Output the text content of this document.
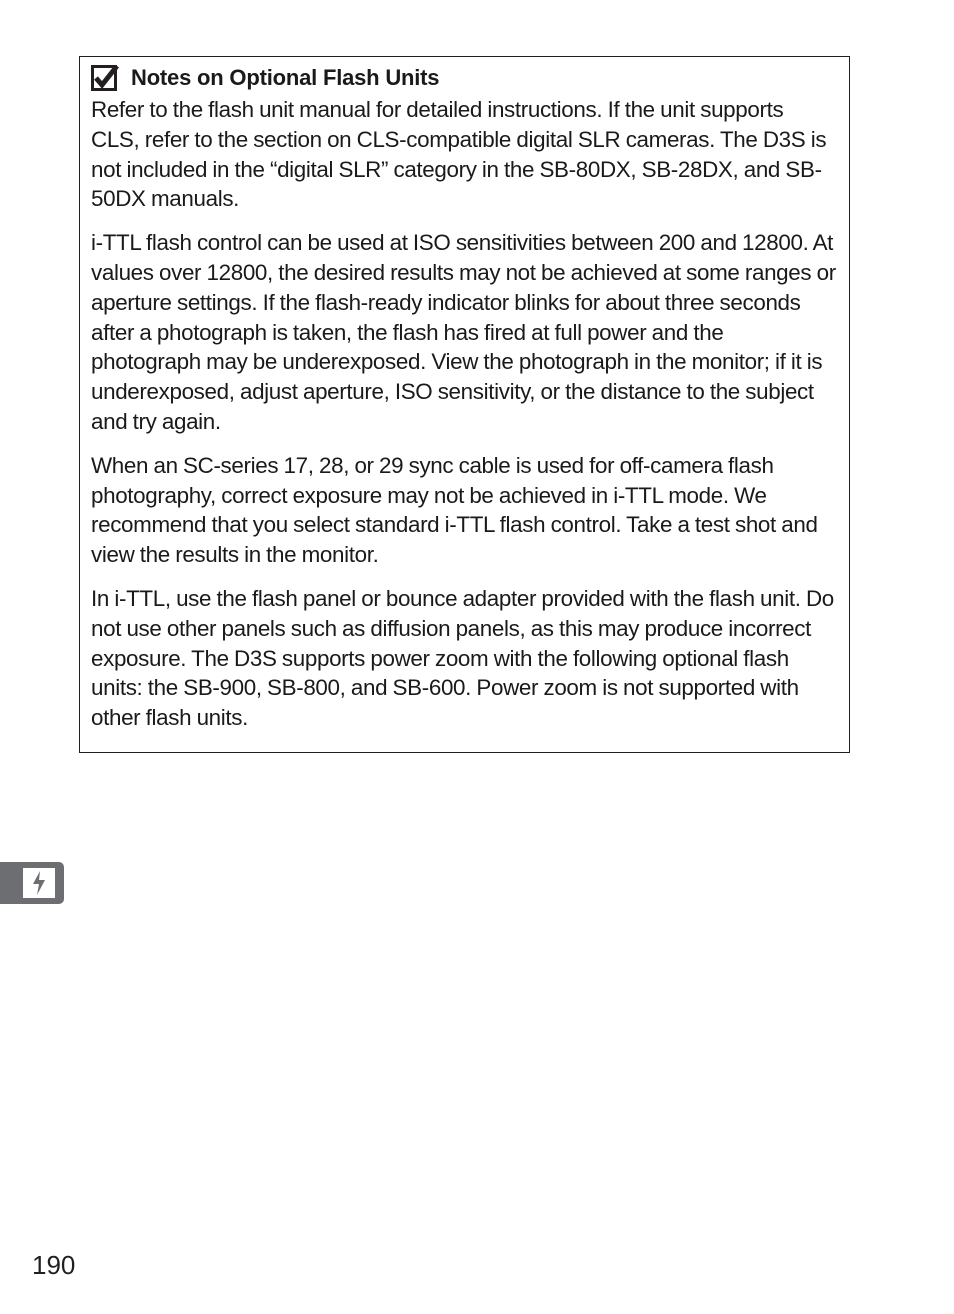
Notes on Optional Flash Units

Refer to the flash unit manual for detailed instructions. If the unit supports CLS, refer to the section on CLS-compatible digital SLR cameras. The D3S is not included in the “digital SLR” category in the SB-80DX, SB-28DX, and SB-50DX manuals.

i-TTL flash control can be used at ISO sensitivities between 200 and 12800. At values over 12800, the desired results may not be achieved at some ranges or aperture settings. If the flash-ready indicator blinks for about three seconds after a photograph is taken, the flash has fired at full power and the photograph may be underexposed. View the photograph in the monitor; if it is underexposed, adjust aperture, ISO sensitivity, or the distance to the subject and try again.

When an SC-series 17, 28, or 29 sync cable is used for off-camera flash photography, correct exposure may not be achieved in i-TTL mode. We recommend that you select standard i-TTL flash control. Take a test shot and view the results in the monitor.

In i-TTL, use the flash panel or bounce adapter provided with the flash unit. Do not use other panels such as diffusion panels, as this may produce incorrect exposure. The D3S supports power zoom with the following optional flash units: the SB-900, SB-800, and SB-600. Power zoom is not supported with other flash units.

190
